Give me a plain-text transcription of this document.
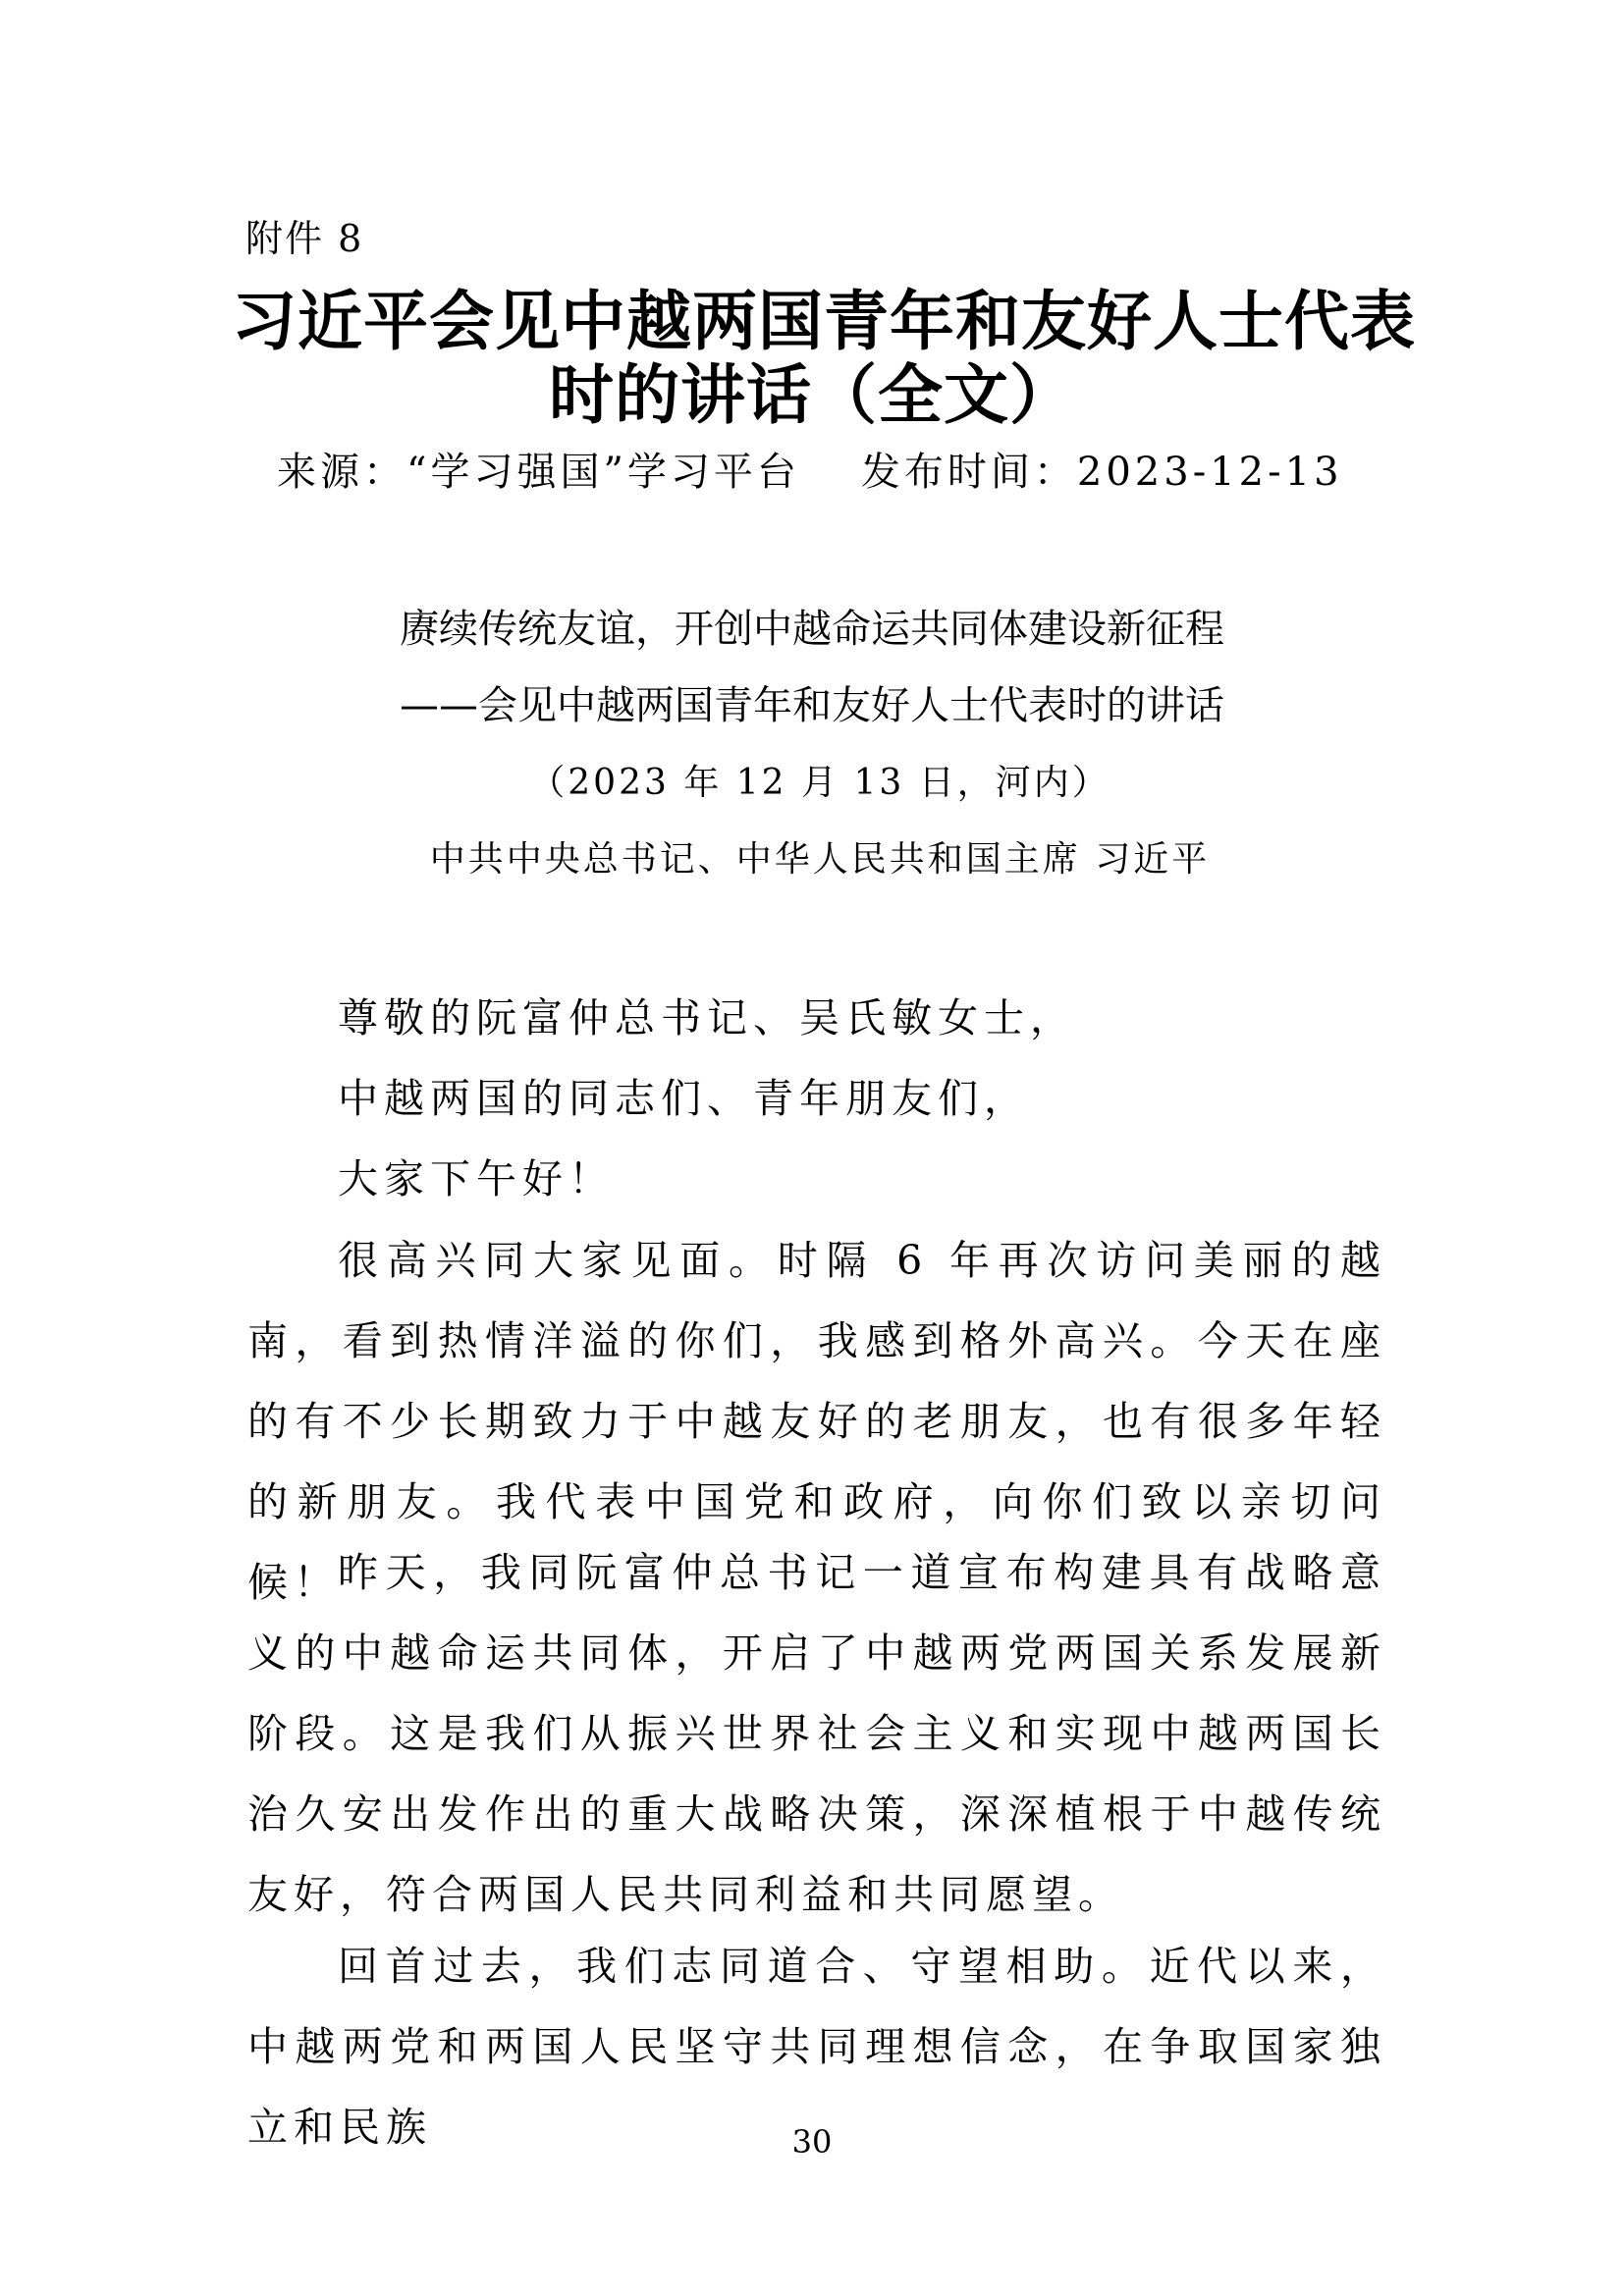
附件 8
习近平会见中越两国青年和友好人士代表
时的讲话（全文）
来源：“学习强国”学习平台 发布时间：2023-12-13
赓续传统友谊，开创中越命运共同体建设新征程
——会见中越两国青年和友好人士代表时的讲话
（2023 年 12 月 13 日，河内）
中共中央总书记、中华人民共和国主席 习近平
尊敬的阮富仲总书记、吴氏敏女士，
中越两国的同志们、青年朋友们，
大家下午好！

很高兴同大家见面。时隔 6 年再次访问美丽的越南，看到热情洋溢的你们，我感到格外高兴。今天在座的有不少长期致力于中越友好的老朋友，也有很多年轻的新朋友。我代表中国党和政府，向你们致以亲切问候！

昨天，我同阮富仲总书记一道宣布构建具有战略意义的中越命运共同体，开启了中越两党两国关系发展新阶段。这是我们从振兴世界社会主义和实现中越两国长治久安出发作出的重大战略决策，深深植根于中越传统友好，符合两国人民共同利益和共同愿望。

回首过去，我们志同道合、守望相助。近代以来，中越两党和两国人民坚守共同理想信念，在争取国家独立和民族	30
